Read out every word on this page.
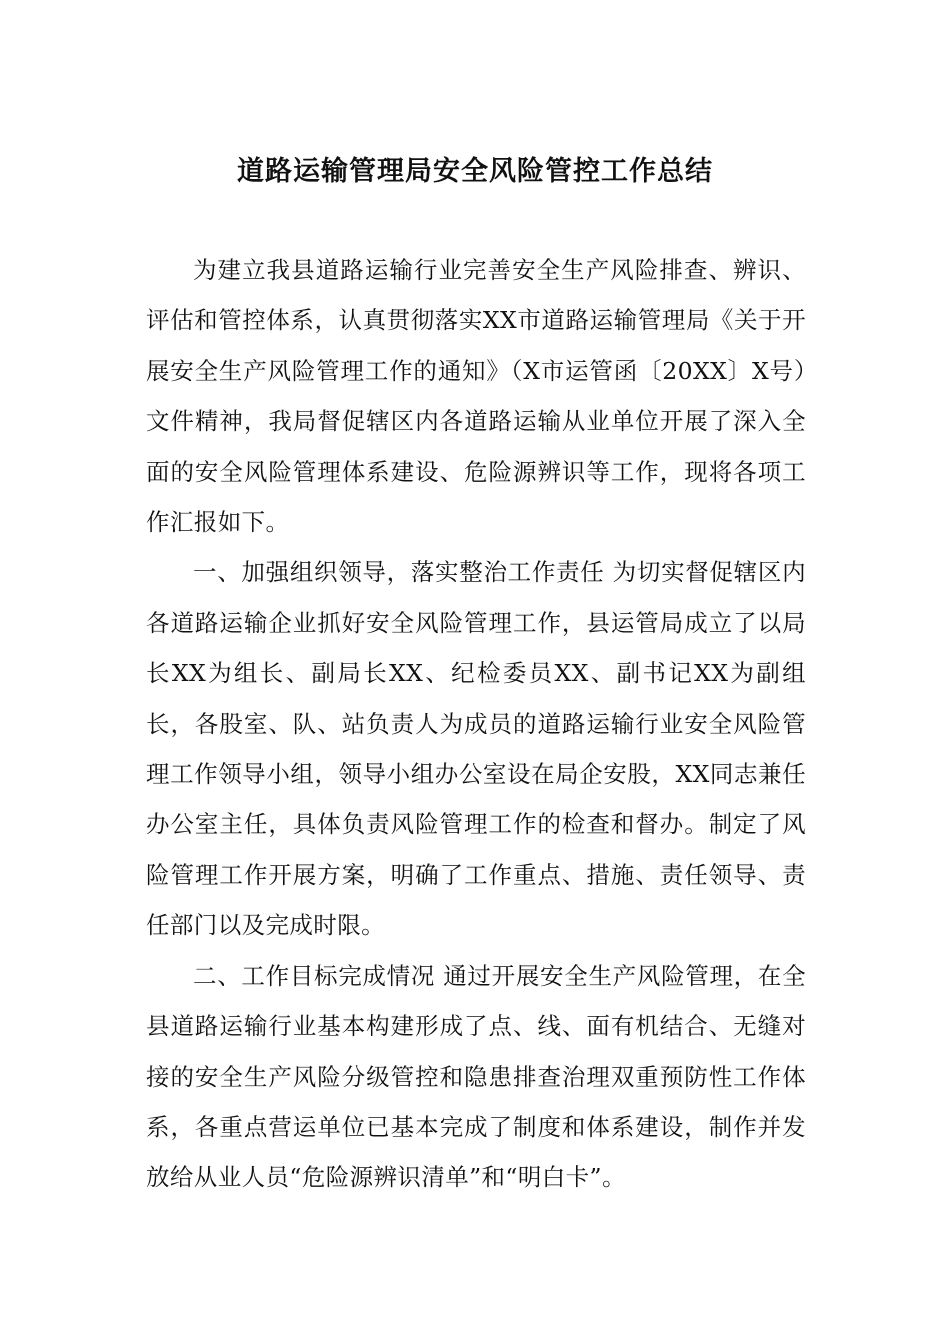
道路运输管理局安全风险管控工作总结

为建立我县道路运输行业完善安全生产风险排查、辨识、评估和管控体系，认真贯彻落实XX市道路运输管理局《关于开展安全生产风险管理工作的通知》（X市运管函〔20XX〕X号）文件精神，我局督促辖区内各道路运输从业单位开展了深入全面的安全风险管理体系建设、危险源辨识等工作，现将各项工作汇报如下。

一、加强组织领导，落实整治工作责任 为切实督促辖区内各道路运输企业抓好安全风险管理工作，县运管局成立了以局长XX为组长、副局长XX、纪检委员XX、副书记XX为副组长，各股室、队、站负责人为成员的道路运输行业安全风险管理工作领导小组，领导小组办公室设在局企安股，XX同志兼任办公室主任，具体负责风险管理工作的检查和督办。制定了风险管理工作开展方案，明确了工作重点、措施、责任领导、责任部门以及完成时限。

二、工作目标完成情况 通过开展安全生产风险管理，在全县道路运输行业基本构建形成了点、线、面有机结合、无缝对接的安全生产风险分级管控和隐患排查治理双重预防性工作体系，各重点营运单位已基本完成了制度和体系建设，制作并发放给从业人员“危险源辨识清单”和“明白卡”。
